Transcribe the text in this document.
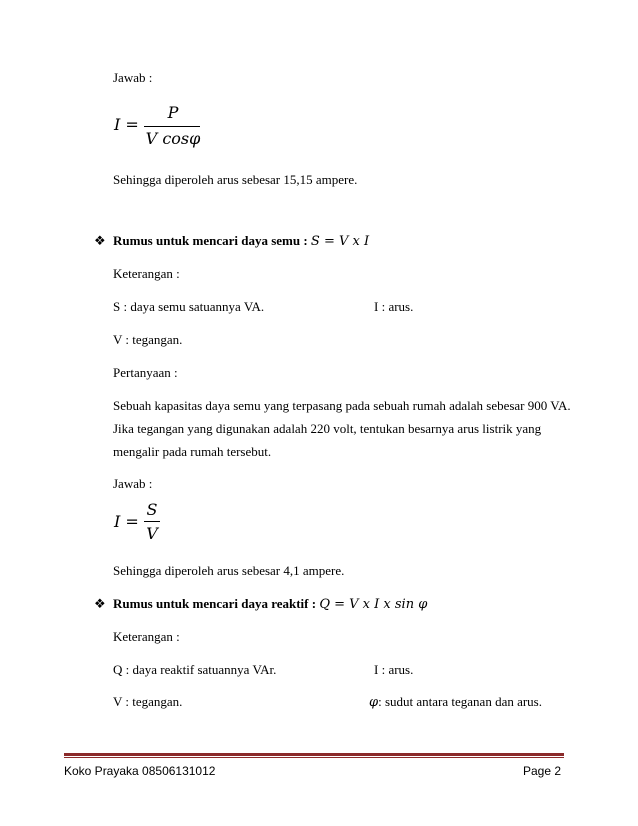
Jawab :
I =
P
V cosφ
Sehingga diperoleh arus sebesar 15,15 ampere.
❖ Rumus untuk mencari daya semu : S = V x I
Keterangan :
S : daya semu satuannya VA.	I : arus.
V : tegangan.
Pertanyaan :
Sebuah kapasitas daya semu yang terpasang pada sebuah rumah adalah sebesar 900 VA.
Jika tegangan yang digunakan adalah 220 volt, tentukan besarnya arus listrik yang
mengalir pada rumah tersebut.
Jawab :
I =
S
V
Sehingga diperoleh arus sebesar 4,1 ampere.
❖ Rumus untuk mencari daya reaktif : Q = V x I x sin φ
Keterangan :
Q : daya reaktif satuannya VAr.	I : arus.
V : tegangan.	φ: sudut antara teganan dan arus.
Koko Prayaka 08506131012	Page 2
